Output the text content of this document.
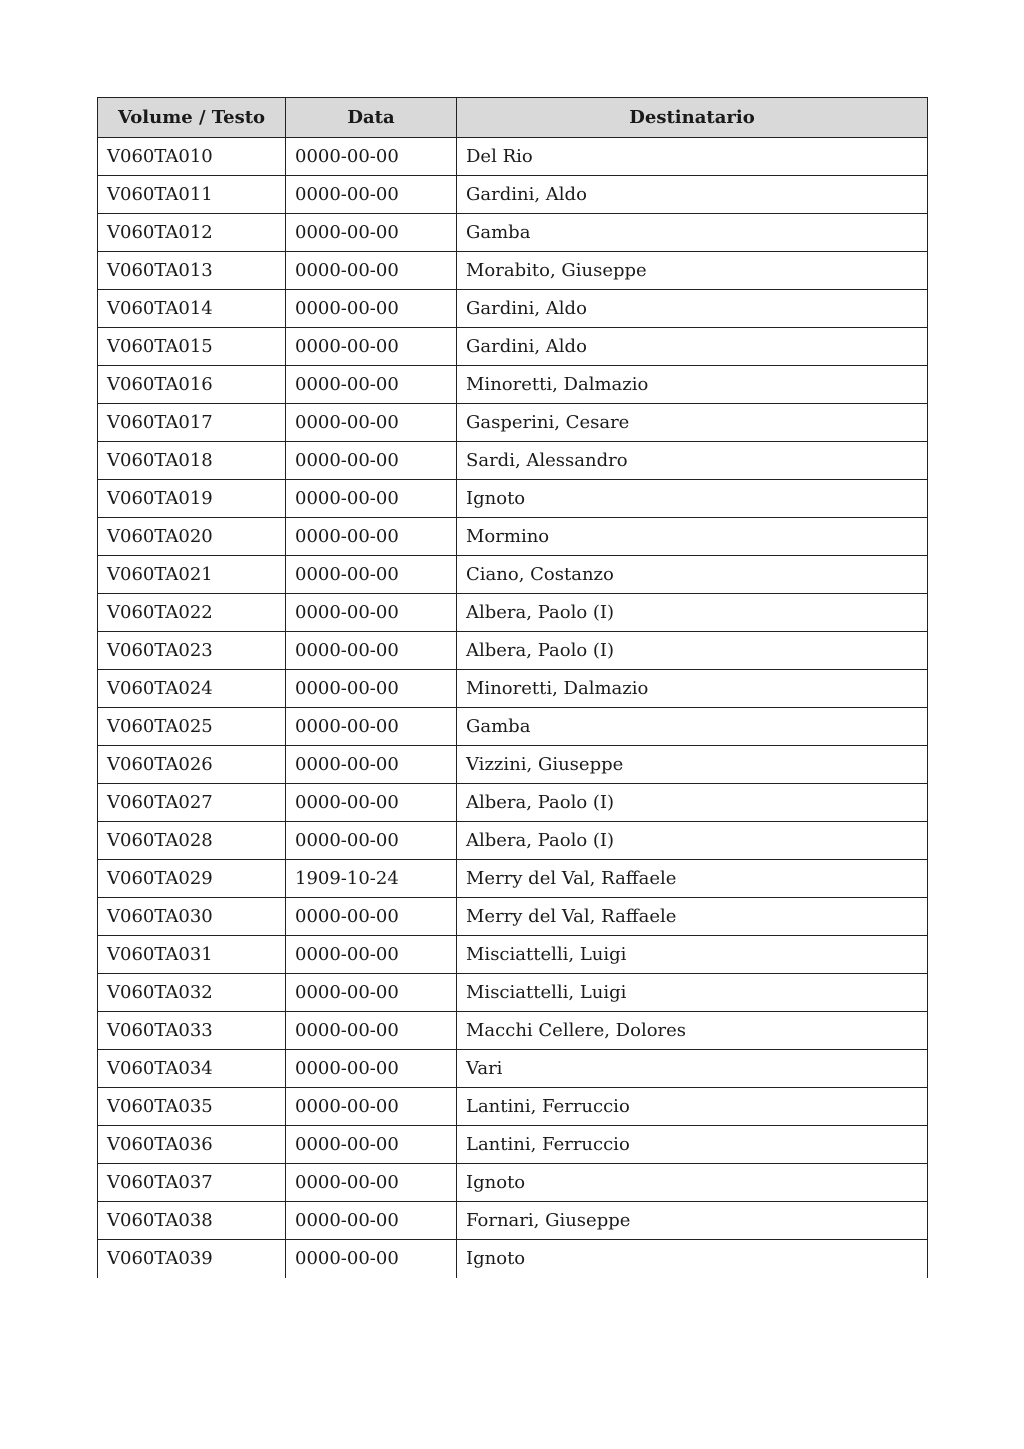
Volume / Testo	Data	Destinatario
V060TA010	0000-00-00	Del Rio
V060TA011	0000-00-00	Gardini, Aldo
V060TA012	0000-00-00	Gamba
V060TA013	0000-00-00	Morabito, Giuseppe
V060TA014	0000-00-00	Gardini, Aldo
V060TA015	0000-00-00	Gardini, Aldo
V060TA016	0000-00-00	Minoretti, Dalmazio
V060TA017	0000-00-00	Gasperini, Cesare
V060TA018	0000-00-00	Sardi, Alessandro
V060TA019	0000-00-00	Ignoto
V060TA020	0000-00-00	Mormino
V060TA021	0000-00-00	Ciano, Costanzo
V060TA022	0000-00-00	Albera, Paolo (I)
V060TA023	0000-00-00	Albera, Paolo (I)
V060TA024	0000-00-00	Minoretti, Dalmazio
V060TA025	0000-00-00	Gamba
V060TA026	0000-00-00	Vizzini, Giuseppe
V060TA027	0000-00-00	Albera, Paolo (I)
V060TA028	0000-00-00	Albera, Paolo (I)
V060TA029	1909-10-24	Merry del Val, Raffaele
V060TA030	0000-00-00	Merry del Val, Raffaele
V060TA031	0000-00-00	Misciattelli, Luigi
V060TA032	0000-00-00	Misciattelli, Luigi
V060TA033	0000-00-00	Macchi Cellere, Dolores
V060TA034	0000-00-00	Vari
V060TA035	0000-00-00	Lantini, Ferruccio
V060TA036	0000-00-00	Lantini, Ferruccio
V060TA037	0000-00-00	Ignoto
V060TA038	0000-00-00	Fornari, Giuseppe
V060TA039	0000-00-00	Ignoto
